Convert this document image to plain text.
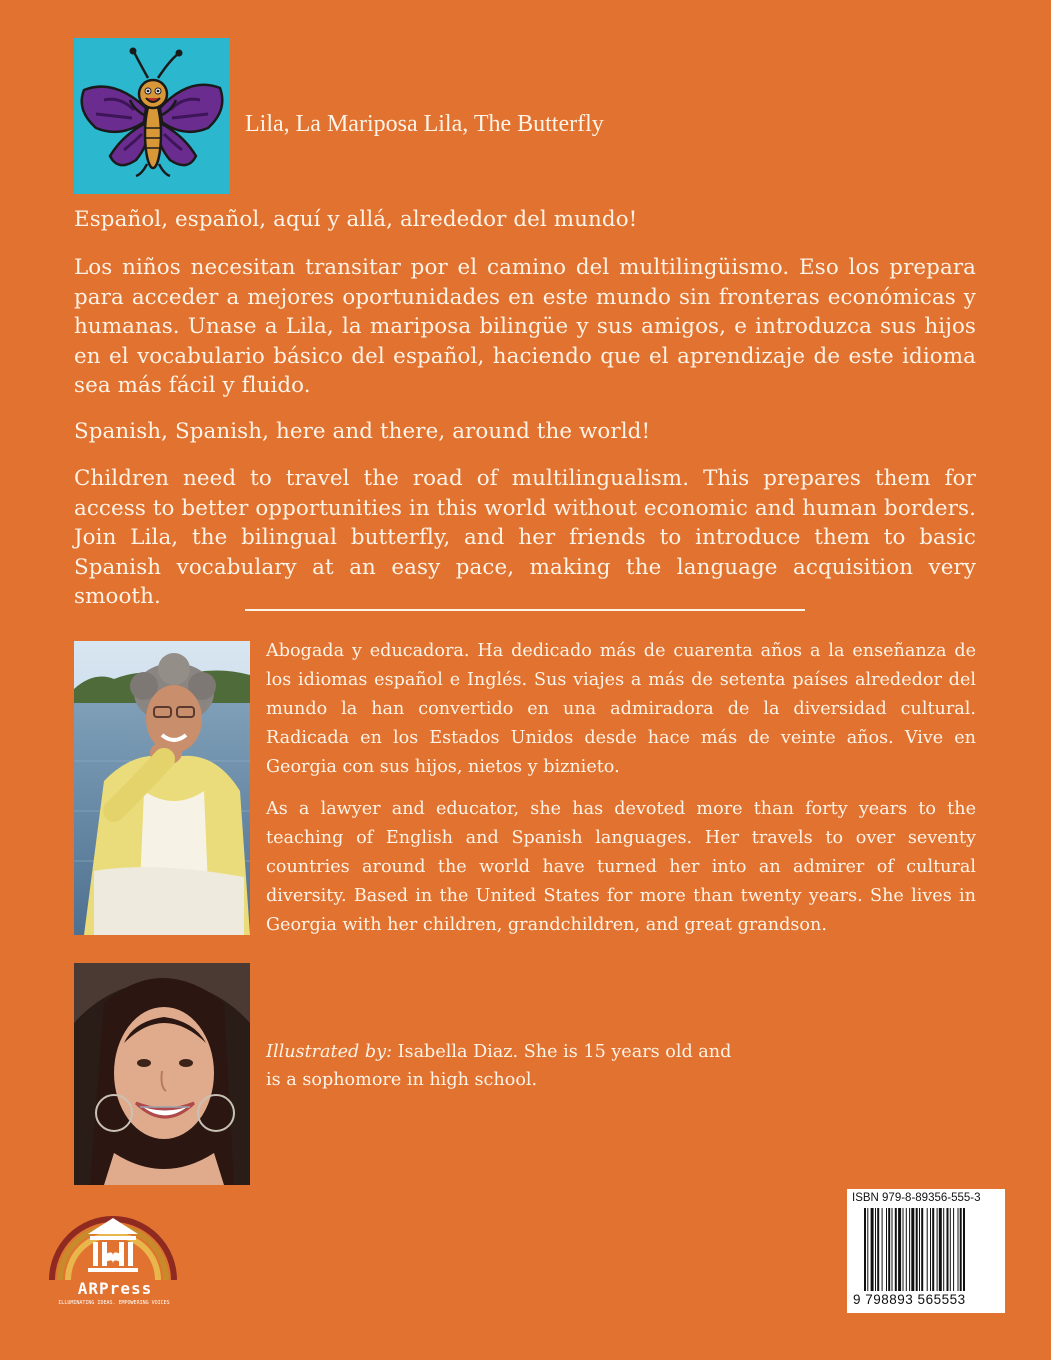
Lila, La Mariposa Lila, The Butterfly

Español, español, aquí y allá, alrededor del mundo!

Los niños necesitan transitar por el camino del multilingüismo. Eso los prepara para acceder a mejores oportunidades en este mundo sin fronteras económicas y humanas. Unase a Lila, la mariposa bilingüe y sus amigos, e introduzca sus hijos en el vocabulario básico del español, haciendo que el aprendizaje de este idioma sea más fácil y fluido.

Spanish, Spanish, here and there, around the world!

Children need to travel the road of multilingualism. This prepares them for access to better opportunities in this world without economic and human borders. Join Lila, the bilingual butterfly, and her friends to introduce them to basic Spanish vocabulary at an easy pace, making the language acquisition very smooth.

Abogada y educadora. Ha dedicado más de cuarenta años a la enseñanza de los idiomas español e Inglés. Sus viajes a más de setenta países alrededor del mundo la han convertido en una admiradora de la diversidad cultural. Radicada en los Estados Unidos desde hace más de veinte años. Vive en Georgia con sus hijos, nietos y biznieto.

As a lawyer and educator, she has devoted more than forty years to the teaching of English and Spanish languages. Her travels to over seventy countries around the world have turned her into an admirer of cultural diversity. Based in the United States for more than twenty years. She lives in Georgia with her children, grandchildren, and great grandson.

Illustrated by: Isabella Diaz. She is 15 years old and is a sophomore in high school.

ARPress
ILLUMINATING IDEAS. EMPOWERING VOICES
ISBN 979-8-89356-555-3
9 798893 565553
